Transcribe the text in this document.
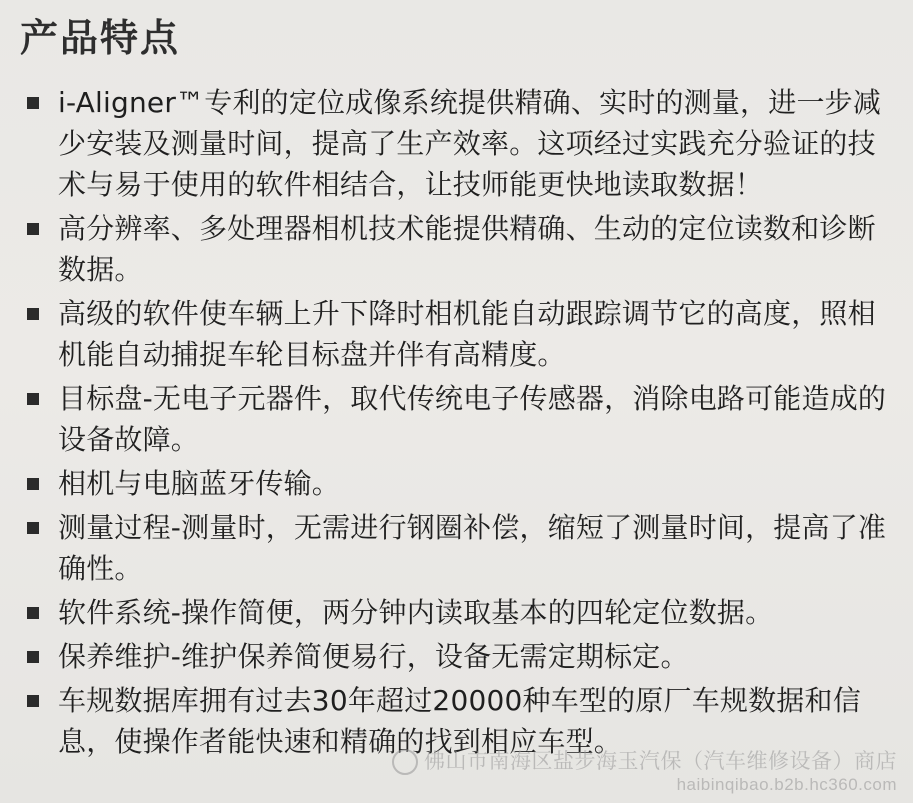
产品特点
i-Aligner™专利的定位成像系统提供精确、实时的测量，进一步减少安装及测量时间，提高了生产效率。这项经过实践充分验证的技术与易于使用的软件相结合，让技师能更快地读取数据！
高分辨率、多处理器相机技术能提供精确、生动的定位读数和诊断数据。
高级的软件使车辆上升下降时相机能自动跟踪调节它的高度，照相机能自动捕捉车轮目标盘并伴有高精度。
目标盘-无电子元器件，取代传统电子传感器，消除电路可能造成的设备故障。
相机与电脑蓝牙传输。
测量过程-测量时，无需进行钢圈补偿，缩短了测量时间，提高了准确性。
软件系统-操作简便，两分钟内读取基本的四轮定位数据。
保养维护-维护保养简便易行，设备无需定期标定。
车规数据库拥有过去30年超过20000种车型的原厂车规数据和信息，使操作者能快速和精确的找到相应车型。
佛山市南海区盐步海玉汽保（汽车维修设备）商店
haibinqibao.b2b.hc360.com
